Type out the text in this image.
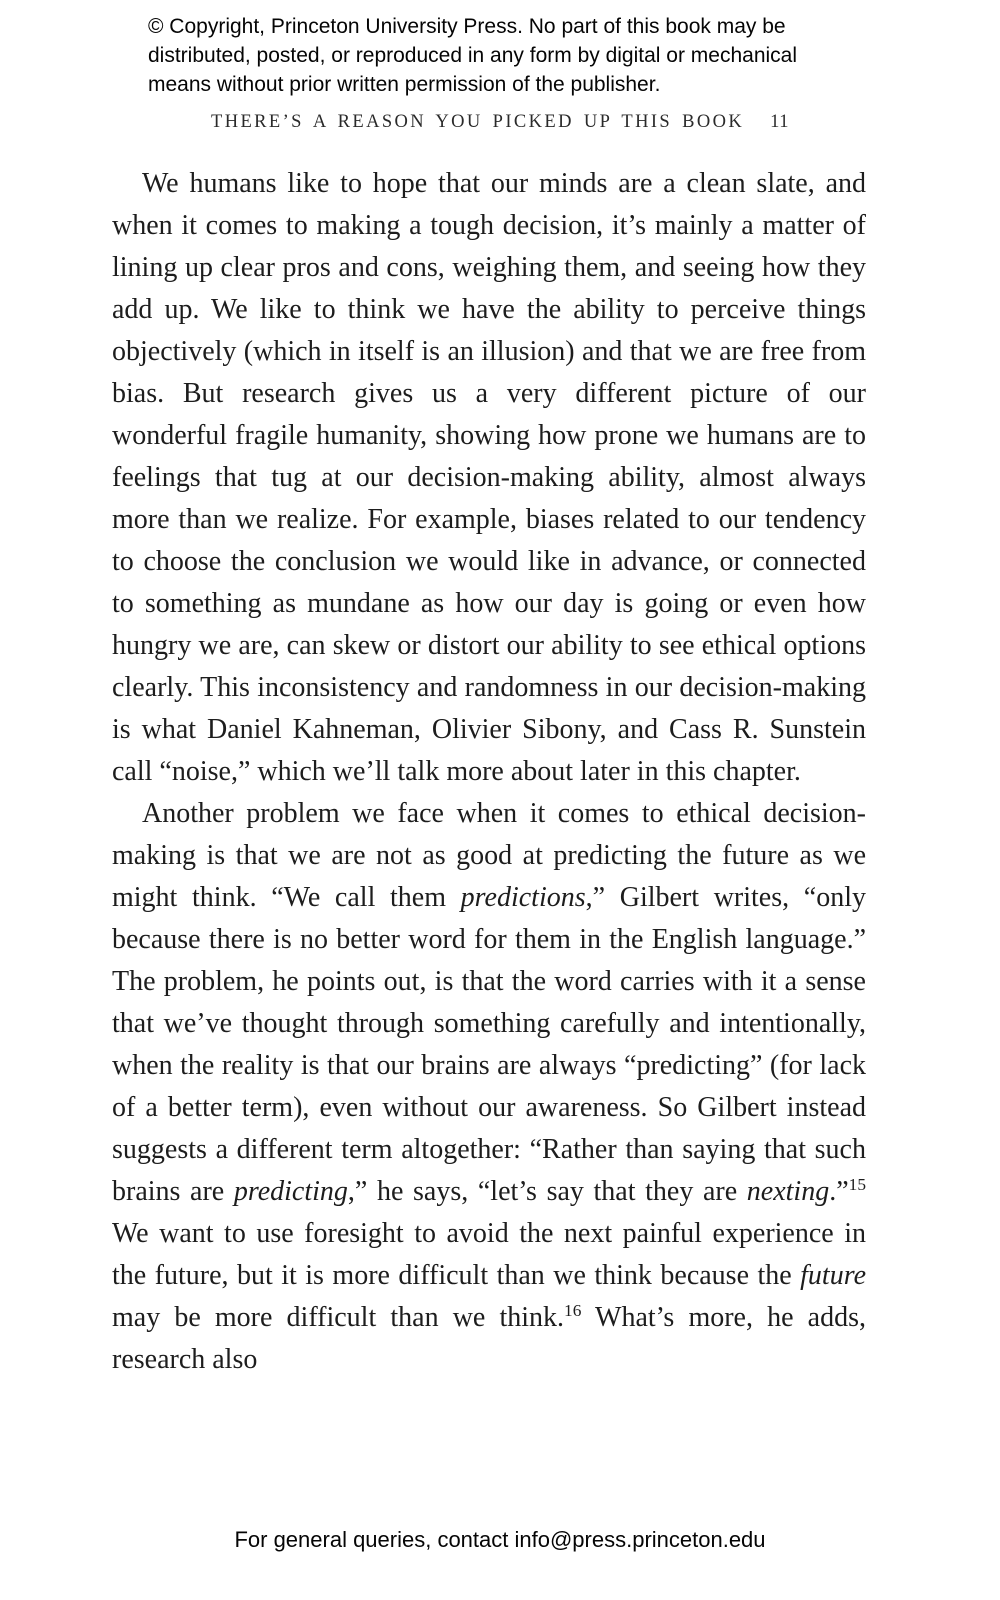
© Copyright, Princeton University Press. No part of this book may be
distributed, posted, or reproduced in any form by digital or mechanical
means without prior written permission of the publisher.
THERE’S A REASON YOU PICKED UP THIS BOOK 11

We humans like to hope that our minds are a clean slate, and when it comes to making a tough decision, it’s mainly a matter of lining up clear pros and cons, weighing them, and seeing how they add up. We like to think we have the ability to perceive things objectively (which in itself is an illusion) and that we are free from bias. But research gives us a very different picture of our wonderful fragile humanity, showing how prone we humans are to feelings that tug at our decision-making ability, almost always more than we realize. For example, biases related to our tendency to choose the conclusion we would like in advance, or connected to something as mundane as how our day is going or even how hungry we are, can skew or distort our ability to see ethical options clearly. This inconsistency and randomness in our decision-making is what Daniel Kahneman, Olivier Sibony, and Cass R. Sunstein call “noise,” which we’ll talk more about later in this chapter.

Another problem we face when it comes to ethical decision-making is that we are not as good at predicting the future as we might think. “We call them predictions,” Gilbert writes, “only because there is no better word for them in the English language.” The problem, he points out, is that the word carries with it a sense that we’ve thought through something carefully and intentionally, when the reality is that our brains are always “predicting” (for lack of a better term), even without our awareness. So Gilbert instead suggests a different term altogether: “Rather than saying that such brains are predicting,” he says, “let’s say that they are nexting.”$^{15}$ We want to use foresight to avoid the next painful experience in the future, but it is more difficult than we think because the future may be more difficult than we think.$^{16}$ What’s more, he adds, research also

For general queries, contact info@press.princeton.edu
